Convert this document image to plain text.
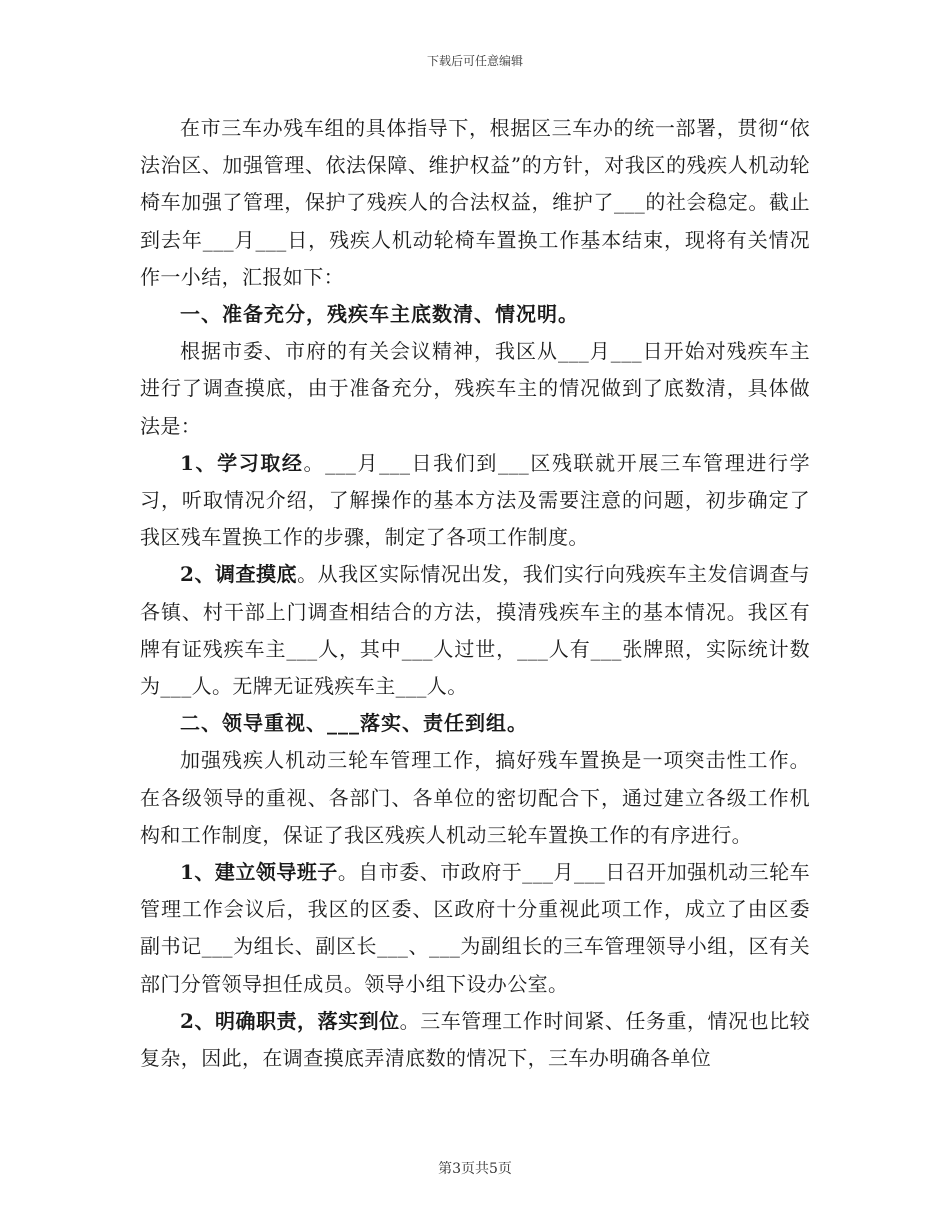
下载后可任意编辑

在市三车办残车组的具体指导下，根据区三车办的统一部署，贯彻“依法治区、加强管理、依法保障、维护权益”的方针，对我区的残疾人机动轮椅车加强了管理，保护了残疾人的合法权益，维护了___的社会稳定。截止到去年___月___日，残疾人机动轮椅车置换工作基本结束，现将有关情况作一小结，汇报如下：

一、准备充分，残疾车主底数清、情况明。

根据市委、市府的有关会议精神，我区从___月___日开始对残疾车主进行了调查摸底，由于准备充分，残疾车主的情况做到了底数清，具体做法是：

1、学习取经。___月___日我们到___区残联就开展三车管理进行学习，听取情况介绍，了解操作的基本方法及需要注意的问题，初步确定了我区残车置换工作的步骤，制定了各项工作制度。

2、调查摸底。从我区实际情况出发，我们实行向残疾车主发信调查与各镇、村干部上门调查相结合的方法，摸清残疾车主的基本情况。我区有牌有证残疾车主___人，其中___人过世，___人有___张牌照，实际统计数为___人。无牌无证残疾车主___人。

二、领导重视、___落实、责任到组。

加强残疾人机动三轮车管理工作，搞好残车置换是一项突击性工作。在各级领导的重视、各部门、各单位的密切配合下，通过建立各级工作机构和工作制度，保证了我区残疾人机动三轮车置换工作的有序进行。

1、建立领导班子。自市委、市政府于___月___日召开加强机动三轮车管理工作会议后，我区的区委、区政府十分重视此项工作，成立了由区委副书记___为组长、副区长___、___为副组长的三车管理领导小组，区有关部门分管领导担任成员。领导小组下设办公室。

2、明确职责，落实到位。三车管理工作时间紧、任务重，情况也比较复杂，因此，在调查摸底弄清底数的情况下，三车办明确各单位

第3页共5页
